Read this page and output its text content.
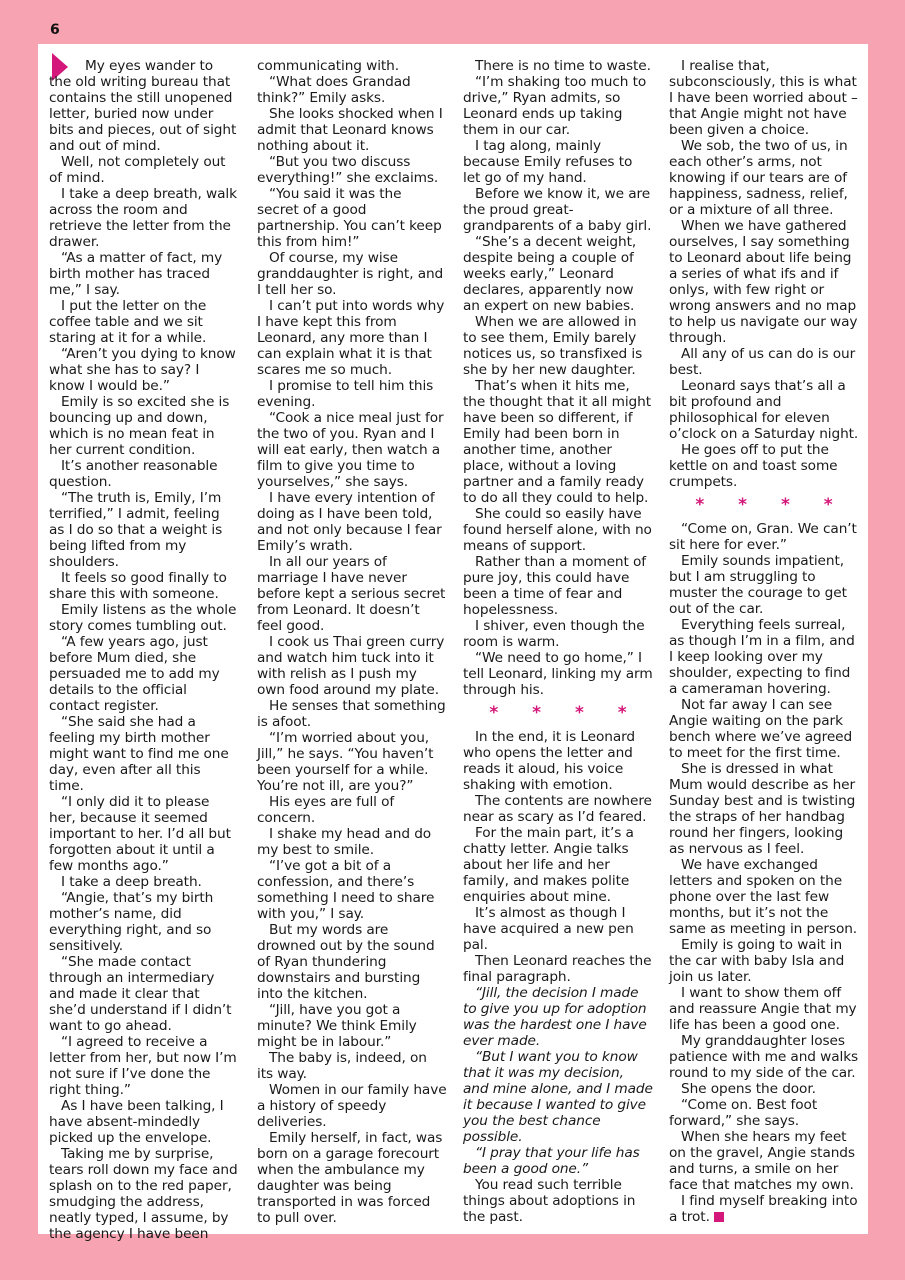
6

My eyes wander to the old writing bureau that contains the still unopened letter, buried now under bits and pieces, out of sight and out of mind.

Well, not completely out of mind.

I take a deep breath, walk across the room and retrieve the letter from the drawer.

“As a matter of fact, my birth mother has traced me,” I say.

I put the letter on the coffee table and we sit staring at it for a while.

“Aren’t you dying to know what she has to say? I know I would be.”

Emily is so excited she is bouncing up and down, which is no mean feat in her current condition.

It’s another reasonable question.

“The truth is, Emily, I’m terrified,” I admit, feeling as I do so that a weight is being lifted from my shoulders.

It feels so good finally to share this with someone.

Emily listens as the whole story comes tumbling out.

“A few years ago, just before Mum died, she persuaded me to add my details to the official contact register.

“She said she had a feeling my birth mother might want to find me one day, even after all this time.

“I only did it to please her, because it seemed important to her. I’d all but forgotten about it until a few months ago.”

I take a deep breath.

“Angie, that’s my birth mother’s name, did everything right, and so sensitively.

“She made contact through an intermediary and made it clear that she’d understand if I didn’t want to go ahead.

“I agreed to receive a letter from her, but now I’m not sure if I’ve done the right thing.”

As I have been talking, I have absent-mindedly picked up the envelope.

Taking me by surprise, tears roll down my face and splash on to the red paper, smudging the address, neatly typed, I assume, by the agency I have been

communicating with.

“What does Grandad think?” Emily asks.

She looks shocked when I admit that Leonard knows nothing about it.

“But you two discuss everything!” she exclaims.

“You said it was the secret of a good partnership. You can’t keep this from him!”

Of course, my wise granddaughter is right, and I tell her so.

I can’t put into words why I have kept this from Leonard, any more than I can explain what it is that scares me so much.

I promise to tell him this evening.

“Cook a nice meal just for the two of you. Ryan and I will eat early, then watch a film to give you time to yourselves,” she says.

I have every intention of doing as I have been told, and not only because I fear Emily’s wrath.

In all our years of marriage I have never before kept a serious secret from Leonard. It doesn’t feel good.

I cook us Thai green curry and watch him tuck into it with relish as I push my own food around my plate.

He senses that something is afoot.

“I’m worried about you, Jill,” he says. “You haven’t been yourself for a while. You’re not ill, are you?”

His eyes are full of concern.

I shake my head and do my best to smile.

“I’ve got a bit of a confession, and there’s something I need to share with you,” I say.

But my words are drowned out by the sound of Ryan thundering downstairs and bursting into the kitchen.

“Jill, have you got a minute? We think Emily might be in labour.”

The baby is, indeed, on its way.

Women in our family have a history of speedy deliveries.

Emily herself, in fact, was born on a garage forecourt when the ambulance my daughter was being transported in was forced to pull over.

There is no time to waste.

“I’m shaking too much to drive,” Ryan admits, so Leonard ends up taking them in our car.

I tag along, mainly because Emily refuses to let go of my hand.

Before we know it, we are the proud great-grandparents of a baby girl.

“She’s a decent weight, despite being a couple of weeks early,” Leonard declares, apparently now an expert on new babies.

When we are allowed in to see them, Emily barely notices us, so transfixed is she by her new daughter.

That’s when it hits me, the thought that it all might have been so different, if Emily had been born in another time, another place, without a loving partner and a family ready to do all they could to help.

She could so easily have found herself alone, with no means of support.

Rather than a moment of pure joy, this could have been a time of fear and hopelessness.

I shiver, even though the room is warm.

“We need to go home,” I tell Leonard, linking my arm through his.

* * * *

In the end, it is Leonard who opens the letter and reads it aloud, his voice shaking with emotion.

The contents are nowhere near as scary as I’d feared.

For the main part, it’s a chatty letter. Angie talks about her life and her family, and makes polite enquiries about mine.

It’s almost as though I have acquired a new pen pal.

Then Leonard reaches the final paragraph.

“Jill, the decision I made to give you up for adoption was the hardest one I have ever made.

“But I want you to know that it was my decision, and mine alone, and I made it because I wanted to give you the best chance possible.

“I pray that your life has been a good one.”

You read such terrible things about adoptions in the past.

I realise that, subconsciously, this is what I have been worried about – that Angie might not have been given a choice.

We sob, the two of us, in each other’s arms, not knowing if our tears are of happiness, sadness, relief, or a mixture of all three.

When we have gathered ourselves, I say something to Leonard about life being a series of what ifs and if onlys, with few right or wrong answers and no map to help us navigate our way through.

All any of us can do is our best.

Leonard says that’s all a bit profound and philosophical for eleven o’clock on a Saturday night.

He goes off to put the kettle on and toast some crumpets.

* * * *

“Come on, Gran. We can’t sit here for ever.”

Emily sounds impatient, but I am struggling to muster the courage to get out of the car.

Everything feels surreal, as though I’m in a film, and I keep looking over my shoulder, expecting to find a cameraman hovering.

Not far away I can see Angie waiting on the park bench where we’ve agreed to meet for the first time.

She is dressed in what Mum would describe as her Sunday best and is twisting the straps of her handbag round her fingers, looking as nervous as I feel.

We have exchanged letters and spoken on the phone over the last few months, but it’s not the same as meeting in person.

Emily is going to wait in the car with baby Isla and join us later.

I want to show them off and reassure Angie that my life has been a good one.

My granddaughter loses patience with me and walks round to my side of the car.

She opens the door.

“Come on. Best foot forward,” she says.

When she hears my feet on the gravel, Angie stands and turns, a smile on her face that matches my own.

I find myself breaking into a trot.
